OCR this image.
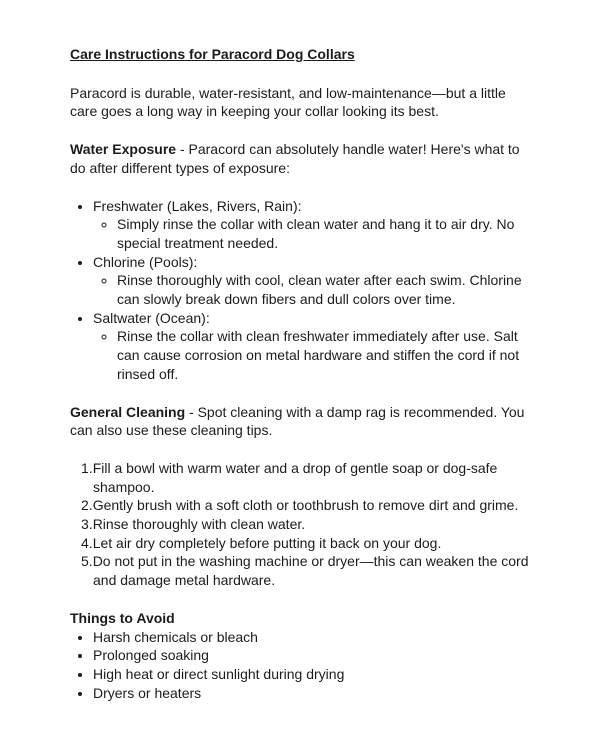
Care Instructions for Paracord Dog Collars

Paracord is durable, water-resistant, and low-maintenance—but a little care goes a long way in keeping your collar looking its best.

Water Exposure - Paracord can absolutely handle water! Here's what to do after different types of exposure:

• Freshwater (Lakes, Rivers, Rain):
◦ Simply rinse the collar with clean water and hang it to air dry. No special treatment needed.
• Chlorine (Pools):
◦ Rinse thoroughly with cool, clean water after each swim. Chlorine can slowly break down fibers and dull colors over time.
• Saltwater (Ocean):
◦ Rinse the collar with clean freshwater immediately after use. Salt can cause corrosion on metal hardware and stiffen the cord if not rinsed off.

General Cleaning - Spot cleaning with a damp rag is recommended. You can also use these cleaning tips.

Fill a bowl with warm water and a drop of gentle soap or dog-safe shampoo.
Gently brush with a soft cloth or toothbrush to remove dirt and grime.
Rinse thoroughly with clean water.
Let air dry completely before putting it back on your dog.
Do not put in the washing machine or dryer—this can weaken the cord and damage metal hardware.
Things to Avoid
• Harsh chemicals or bleach
• Prolonged soaking
• High heat or direct sunlight during drying
• Dryers or heaters
